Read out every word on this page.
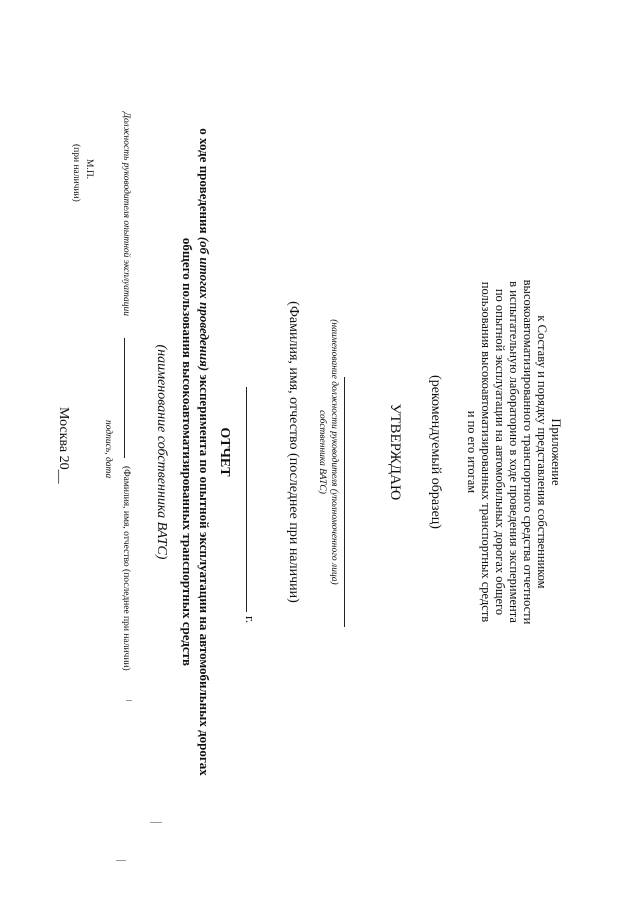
Приложение
к Составу и порядку представления собственником
высокоавтоматизированного транспортного средства отчетности
в испытательную лабораторию в ходе проведения эксперимента
по опытной эксплуатации на автомобильных дорогах общего
пользования высокоавтоматизированных транспортных средств
и по его итогам
(рекомендуемый образец)
УТВЕРЖДАЮ
(наименование должности руководителя (уполномоченного лица)
собственника ВАТС)
(Фамилия, имя, отчество (последнее при наличии)
г.
ОТЧЕТ
о ходе проведения (об итогах проведения) эксперимента по опытной эксплуатации на автомобильных дорогах
общего пользования высокоавтоматизированных транспортных средств
(наименование собственника ВАТС)
Должность руководителя опытной эксплуатации  (Фамилия, имя, отчество (последнее при наличии)
подпись, дата
М.П.
(при наличии)
Москва 20__
